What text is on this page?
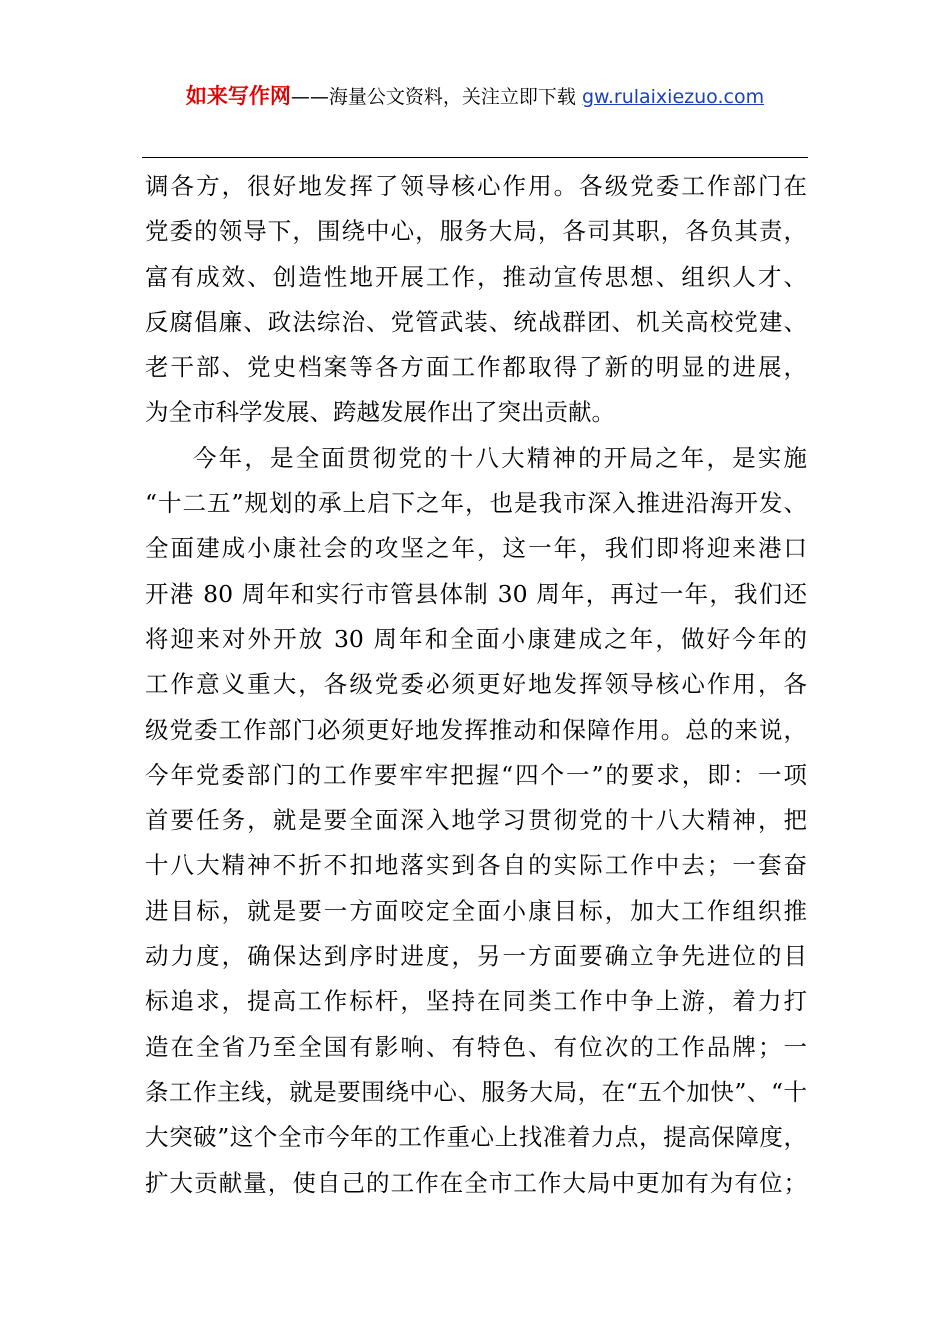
如来写作网——海量公文资料，关注立即下载 gw.rulaixiezuo.com
调各方，很好地发挥了领导核心作用。各级党委工作部门在
党委的领导下，围绕中心，服务大局，各司其职，各负其责，
富有成效、创造性地开展工作，推动宣传思想、组织人才、
反腐倡廉、政法综治、党管武装、统战群团、机关高校党建、
老干部、党史档案等各方面工作都取得了新的明显的进展，
为全市科学发展、跨越发展作出了突出贡献。
今年，是全面贯彻党的十八大精神的开局之年，是实施
“十二五”规划的承上启下之年，也是我市深入推进沿海开发、
全面建成小康社会的攻坚之年，这一年，我们即将迎来港口
开港 80 周年和实行市管县体制 30 周年，再过一年，我们还
将迎来对外开放 30 周年和全面小康建成之年，做好今年的
工作意义重大，各级党委必须更好地发挥领导核心作用，各
级党委工作部门必须更好地发挥推动和保障作用。总的来说，
今年党委部门的工作要牢牢把握“四个一”的要求，即：一项
首要任务，就是要全面深入地学习贯彻党的十八大精神，把
十八大精神不折不扣地落实到各自的实际工作中去；一套奋
进目标，就是要一方面咬定全面小康目标，加大工作组织推
动力度，确保达到序时进度，另一方面要确立争先进位的目
标追求，提高工作标杆，坚持在同类工作中争上游，着力打
造在全省乃至全国有影响、有特色、有位次的工作品牌；一
条工作主线，就是要围绕中心、服务大局，在“五个加快”、“十
大突破”这个全市今年的工作重心上找准着力点，提高保障度，
扩大贡献量，使自己的工作在全市工作大局中更加有为有位；
